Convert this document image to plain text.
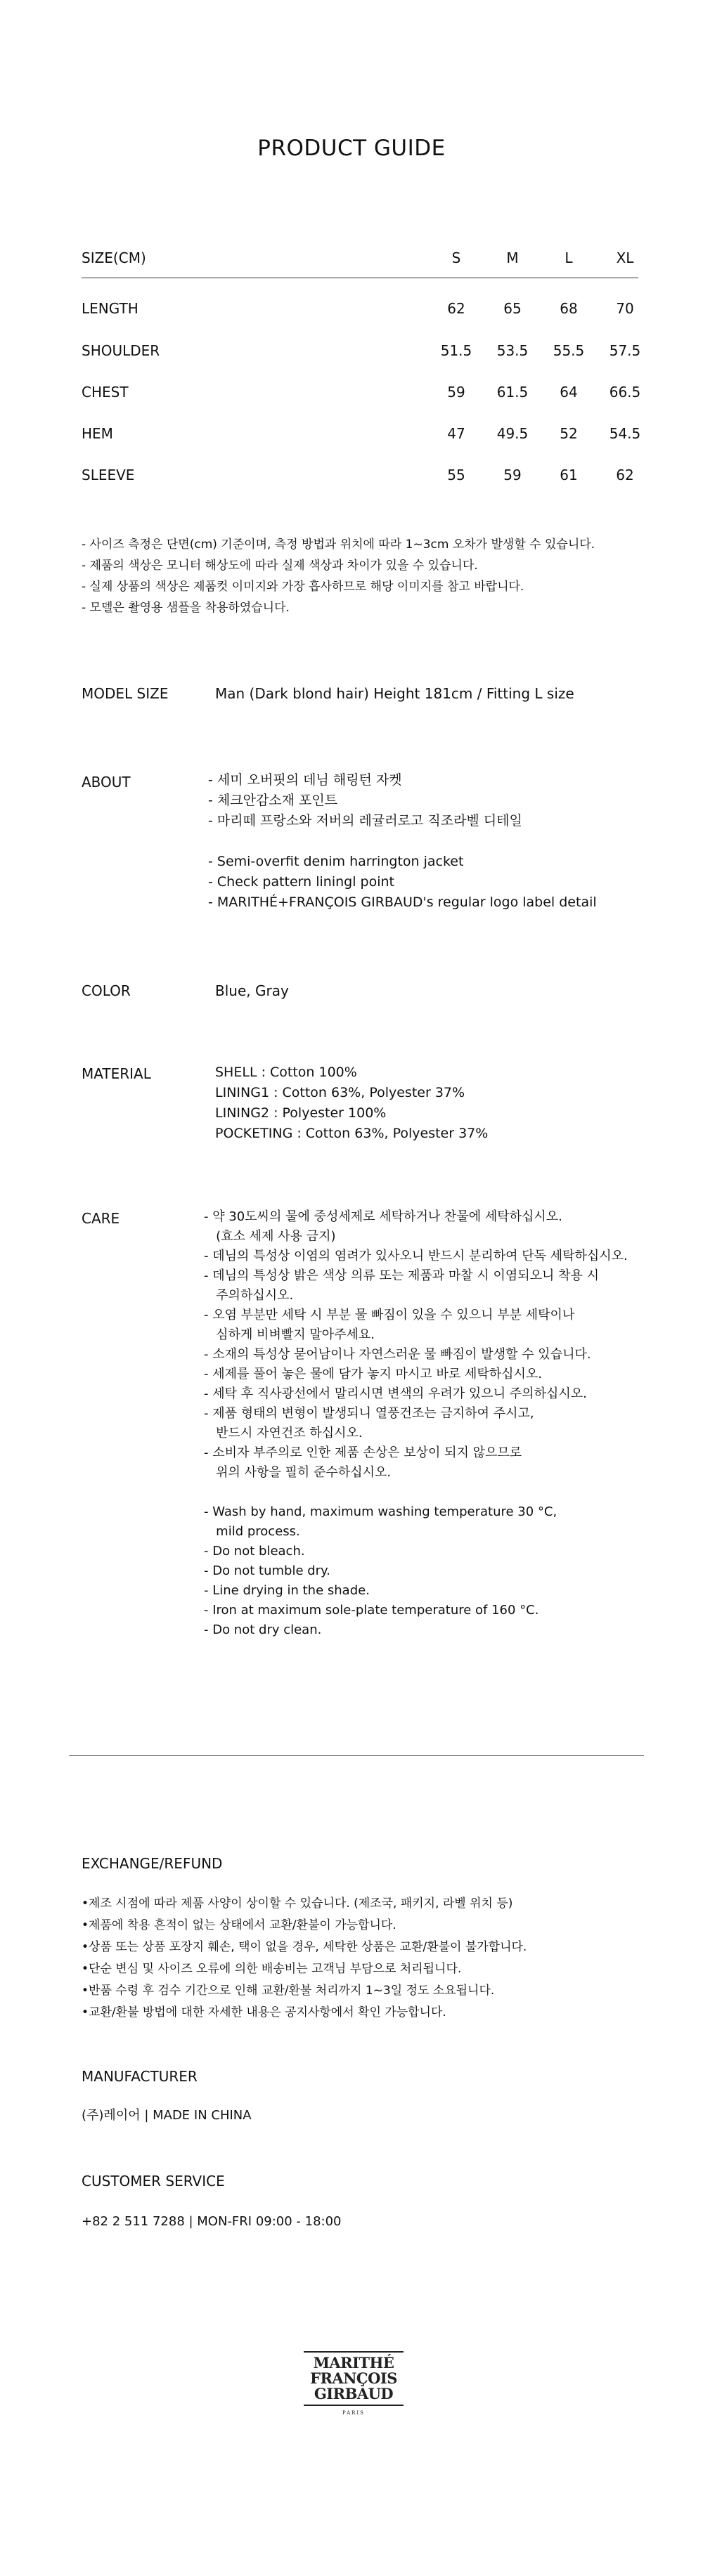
PRODUCT GUIDE
SIZE(CM)	S	M	L	XL
LENGTH	62	65	68	70
SHOULDER	51.5	53.5	55.5	57.5
CHEST	59	61.5	64	66.5
HEM	47	49.5	52	54.5
SLEEVE	55	59	61	62
- 사이즈 측정은 단면(cm) 기준이며, 측정 방법과 위치에 따라 1~3cm 오차가 발생할 수 있습니다.
- 제품의 색상은 모니터 해상도에 따라 실제 색상과 차이가 있을 수 있습니다.
- 실제 상품의 색상은 제품컷 이미지와 가장 흡사하므로 해당 이미지를 참고 바랍니다.
- 모델은 촬영용 샘플을 착용하였습니다.
MODEL SIZE	Man (Dark blond hair) Height 181cm / Fitting L size
ABOUT	- 세미 오버핏의 데님 해링턴 자켓
- 체크안감소재 포인트
- 마리떼 프랑소와 저버의 레귤러로고 직조라벨 디테일

- Semi-overfit denim harrington jacket
- Check pattern liningl point
- MARITHÉ+FRANÇOIS GIRBAUD's regular logo label detail
COLOR	Blue, Gray
MATERIAL	SHELL : Cotton 100%
LINING1 : Cotton 63%, Polyester 37%
LINING2 : Polyester 100%
POCKETING : Cotton 63%, Polyester 37%
CARE	- 약 30도씨의 물에 중성세제로 세탁하거나 찬물에 세탁하십시오.
(효소 세제 사용 금지)
- 데님의 특성상 이염의 염려가 있사오니 반드시 분리하여 단독 세탁하십시오.
- 데님의 특성상 밝은 색상 의류 또는 제품과 마찰 시 이염되오니 착용 시
주의하십시오.
- 오염 부분만 세탁 시 부분 물 빠짐이 있을 수 있으니 부분 세탁이나
심하게 비벼빨지 말아주세요.
- 소재의 특성상 묻어남이나 자연스러운 물 빠짐이 발생할 수 있습니다.
- 세제를 풀어 놓은 물에 담가 놓지 마시고 바로 세탁하십시오.
- 세탁 후 직사광선에서 말리시면 변색의 우려가 있으니 주의하십시오.
- 제품 형태의 변형이 발생되니 열풍건조는 금지하여 주시고,
반드시 자연건조 하십시오.
- 소비자 부주의로 인한 제품 손상은 보상이 되지 않으므로
위의 사항을 필히 준수하십시오.

- Wash by hand, maximum washing temperature 30 °C,
mild process.
- Do not bleach.
- Do not tumble dry.
- Line drying in the shade.
- Iron at maximum sole-plate temperature of 160 °C.
- Do not dry clean.
EXCHANGE/REFUND
•제조 시점에 따라 제품 사양이 상이할 수 있습니다. (제조국, 패키지, 라벨 위치 등)
•제품에 착용 흔적이 없는 상태에서 교환/환불이 가능합니다.
•상품 또는 상품 포장지 훼손, 택이 없을 경우, 세탁한 상품은 교환/환불이 불가합니다.
•단순 변심 및 사이즈 오류에 의한 배송비는 고객님 부담으로 처리됩니다.
•반품 수령 후 검수 기간으로 인해 교환/환불 처리까지 1~3일 정도 소요됩니다.
•교환/환불 방법에 대한 자세한 내용은 공지사항에서 확인 가능합니다.
MANUFACTURER
(주)레이어 | MADE IN CHINA
CUSTOMER SERVICE
+82 2 511 7288 | MON-FRI 09:00 - 18:00
MARITHÉ
FRANÇOIS
GIRBAUD
PARIS
